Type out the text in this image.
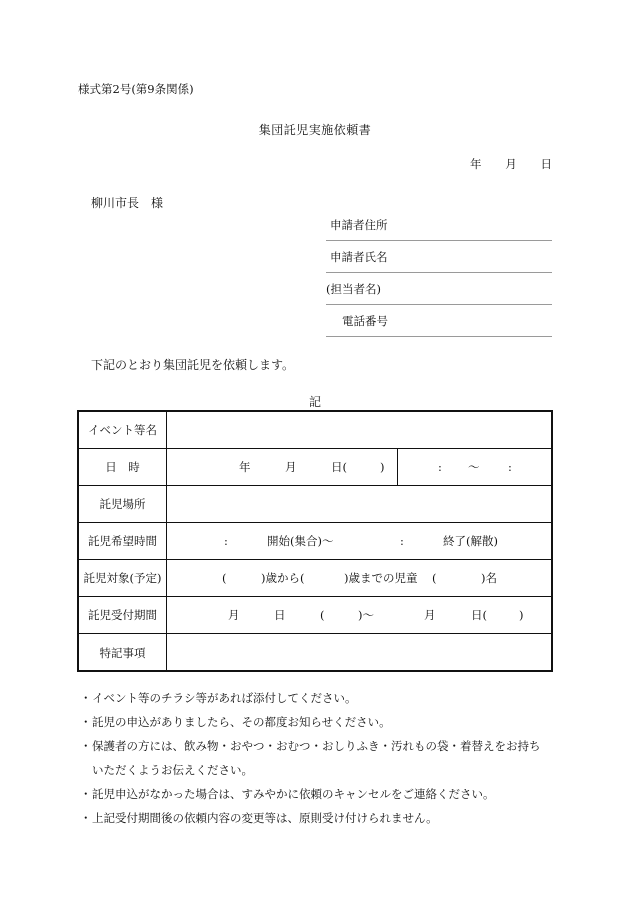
様式第2号(第9条関係)
集団託児実施依頼書
年 月 日
柳川市長　様
申請者住所
申請者氏名
(担当者名)
電話番号
下記のとおり集団託児を依頼します。
記
イベント等名
日　時	年	月	日(	)	: 〜 :
託児場所
託児希望時間	:	開始(集合)〜	:	終了(解散)
託児対象(予定)	(	)歳から(	)歳までの児童 (	)名
託児受付期間	月	日	(	)〜	月	日(	)
特記事項
・ イベント等のチラシ等があれば添付してください。
・ 託児の申込がありましたら、その都度お知らせください。
・ 保護者の方には、飲み物・おやつ・おむつ・おしりふき・汚れもの袋・着替えをお持ち
いただくようお伝えください。
・ 託児申込がなかった場合は、すみやかに依頼のキャンセルをご連絡ください。
・ 上記受付期間後の依頼内容の変更等は、原則受け付けられません。
